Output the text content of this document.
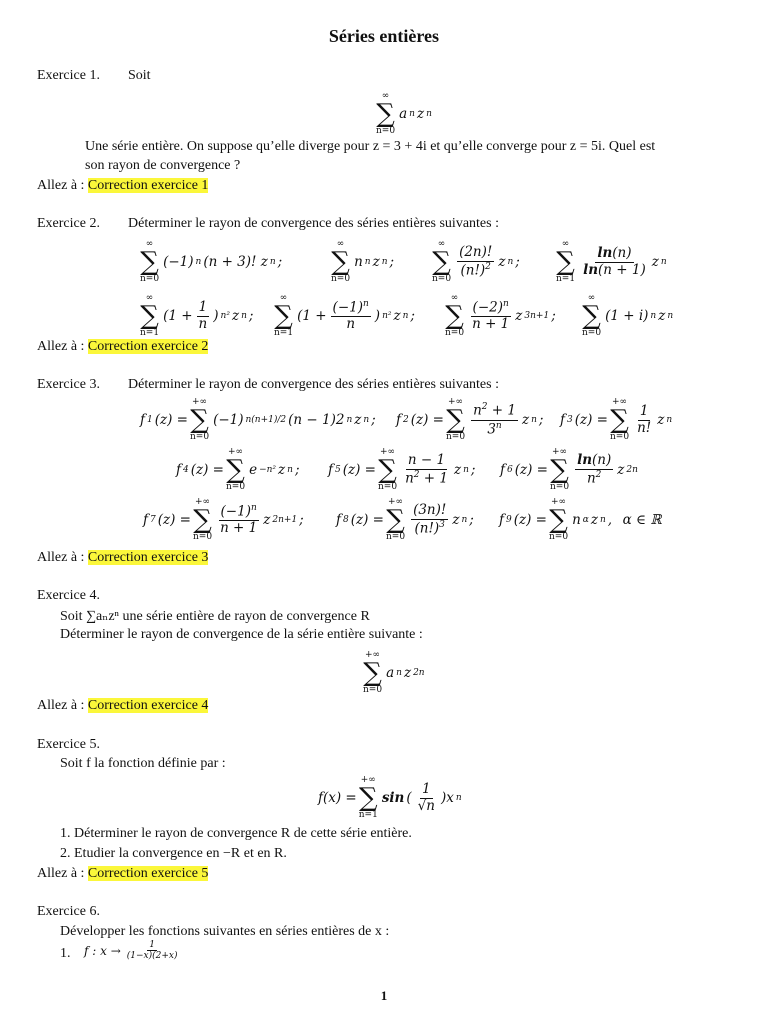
Séries entières
Exercice 1. Soit
∞
∑
n=0
a n z n
Une série entière. On suppose qu’elle diverge pour z = 3 + 4i et qu’elle converge pour z = 5i. Quel est
son rayon de convergence ?
Allez à : Correction exercice 1
Exercice 2. Déterminer le rayon de convergence des séries entières suivantes :
∞
∑
n=0
(−1) n (n + 3)! z n ;
∞
∑
n=0
n n z n ;
∞
∑
n=0
$\frac{(2n)!}{(n!)^2}$ z n ;
∞
∑
n=1
$\frac{\ln(n)}{\ln(n + 1)}$ z n
∞
∑
n=1
($1 + \frac{1}{n}$ ) n² z n ;
∞
∑
n=1
($1 + \frac{(-1)^n}{n}$ ) n² z n ;
∞
∑
n=0
$\frac{(-2)^n}{n + 1}$ z 3n+1 ;
∞
∑
n=0
(1 + i) n z n
Allez à : Correction exercice 2
Exercice 3. Déterminer le rayon de convergence des séries entières suivantes :
f 1 (z) =
+∞
∑
n=0
(−1) n(n+1)/2 (n − 1)2 n z n ; f 2 (z) =
+∞
∑
$n=0 \frac{n^2 + 1}{3^n}$ z n ; f 3 (z) =
+∞
∑
n=0
$\frac{1}{n!}$ z n
f 4 (z) =
+∞
∑
n=0
e −n² z n ; f 5 (z) =
+∞
∑
n=0
$\frac{n - 1}{n^2 + 1}$ z n ; f 6 (z) =
+∞
∑
n=0
$\frac{\ln(n)}{n^2}$ z 2n
f 7 (z) =
+∞
∑
n=0
$\frac{(-1)^n}{n + 1}$ z 2n+1 ; f 8 (z) =
+∞
∑
n=0
$\frac{(3n)!}{(n!)^3}$ z n ; f 9 (z) =
+∞
∑
n=0
n α z n , α ∈ ℝ
Allez à : Correction exercice 3
Exercice 4.
Soit ∑aₙzⁿ une série entière de rayon de convergence R
Déterminer le rayon de convergence de la série entière suivante :
+∞
∑
n=0
a n z 2n
Allez à : Correction exercice 4
Exercice 5.
Soit f la fonction définie par :
f(x) =
+∞
∑
n=1
sin ( $\frac{1}{√n} )x$ n
1. Déterminer le rayon de convergence R de cette série entière.
2. Etudier la convergence en −R et en R.
Allez à : Correction exercice 5
Exercice 6.
Développer les fonctions suivantes en séries entières de x :
1. f : $x \to \frac{1}{(1-x)(2+x)}$
1
